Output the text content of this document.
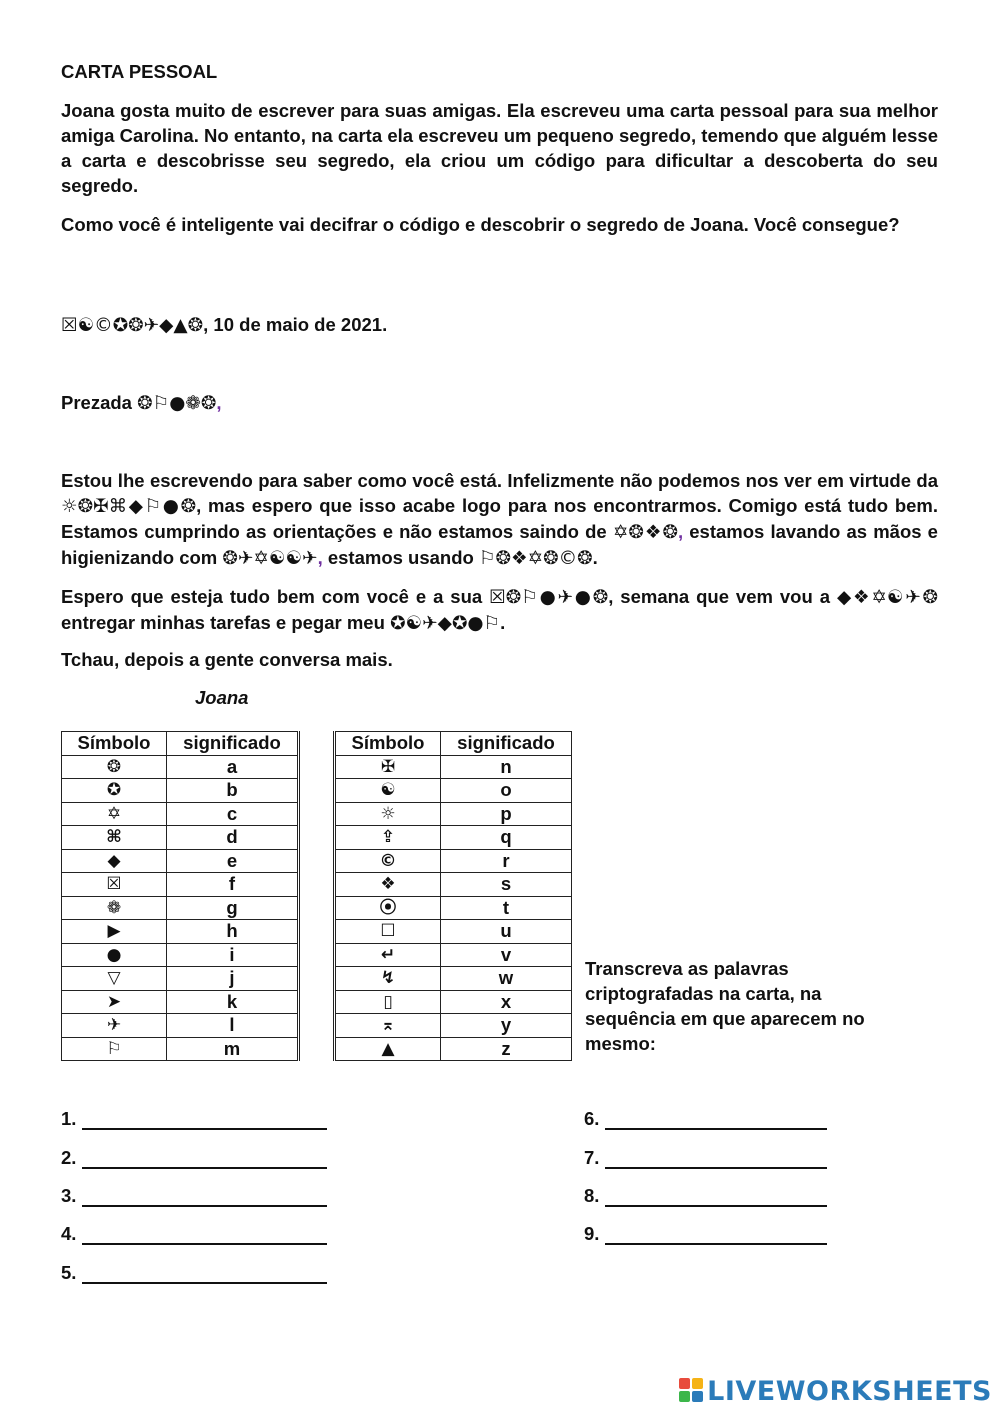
CARTA PESSOAL
Joana gosta muito de escrever para suas amigas. Ela escreveu uma carta pessoal para sua melhor amiga Carolina. No entanto, na carta ela escreveu um pequeno segredo, temendo que alguém lesse a carta e descobrisse seu segredo, ela criou um código para dificultar a descoberta do seu segredo.
Como você é inteligente vai decifrar o código e descobrir o segredo de Joana. Você consegue?
☒☯©✪❂✈◆▲❂, 10 de maio de 2021.
Prezada ❂⚐●❁❂,
Estou lhe escrevendo para saber como você está. Infelizmente não podemos nos ver em virtude da ☼❂✠⌘◆⚐●❂, mas espero que isso acabe logo para nos encontrarmos. Comigo está tudo bem. Estamos cumprindo as orientações e não estamos saindo de ✡❂❖❂, estamos lavando as mãos e higienizando com ❂✈✡☯☯✈, estamos usando ⚐❂❖✡❂©❂.
Espero que esteja tudo bem com você e a sua ☒❂⚐●✈●❂, semana que vem vou a ◆❖✡☯✈❂ entregar minhas tarefas e pegar meu ✪☯✈◆✪●⚐.
Tchau, depois a gente conversa mais.
Joana
Símbolo	significado
❂	a
✪	b
✡	c
⌘	d
◆	e
☒	f
❁	g
▶	h
●	i
▽	j
➤	k
✈	l
⚐	m
Símbolo	significado
✠	n
☯	o
☼	p
⇪	q
©	r
❖	s
⦿	t
☐	u
↵	v
↯	w
▯	x
⌅	y
▲	z
Transcreva as palavras criptografadas na carta, na sequência em que aparecem no mesmo:
1.
2.
3.
4.
5.
6.
7.
8.
9.
LIVEWORKSHEETS
